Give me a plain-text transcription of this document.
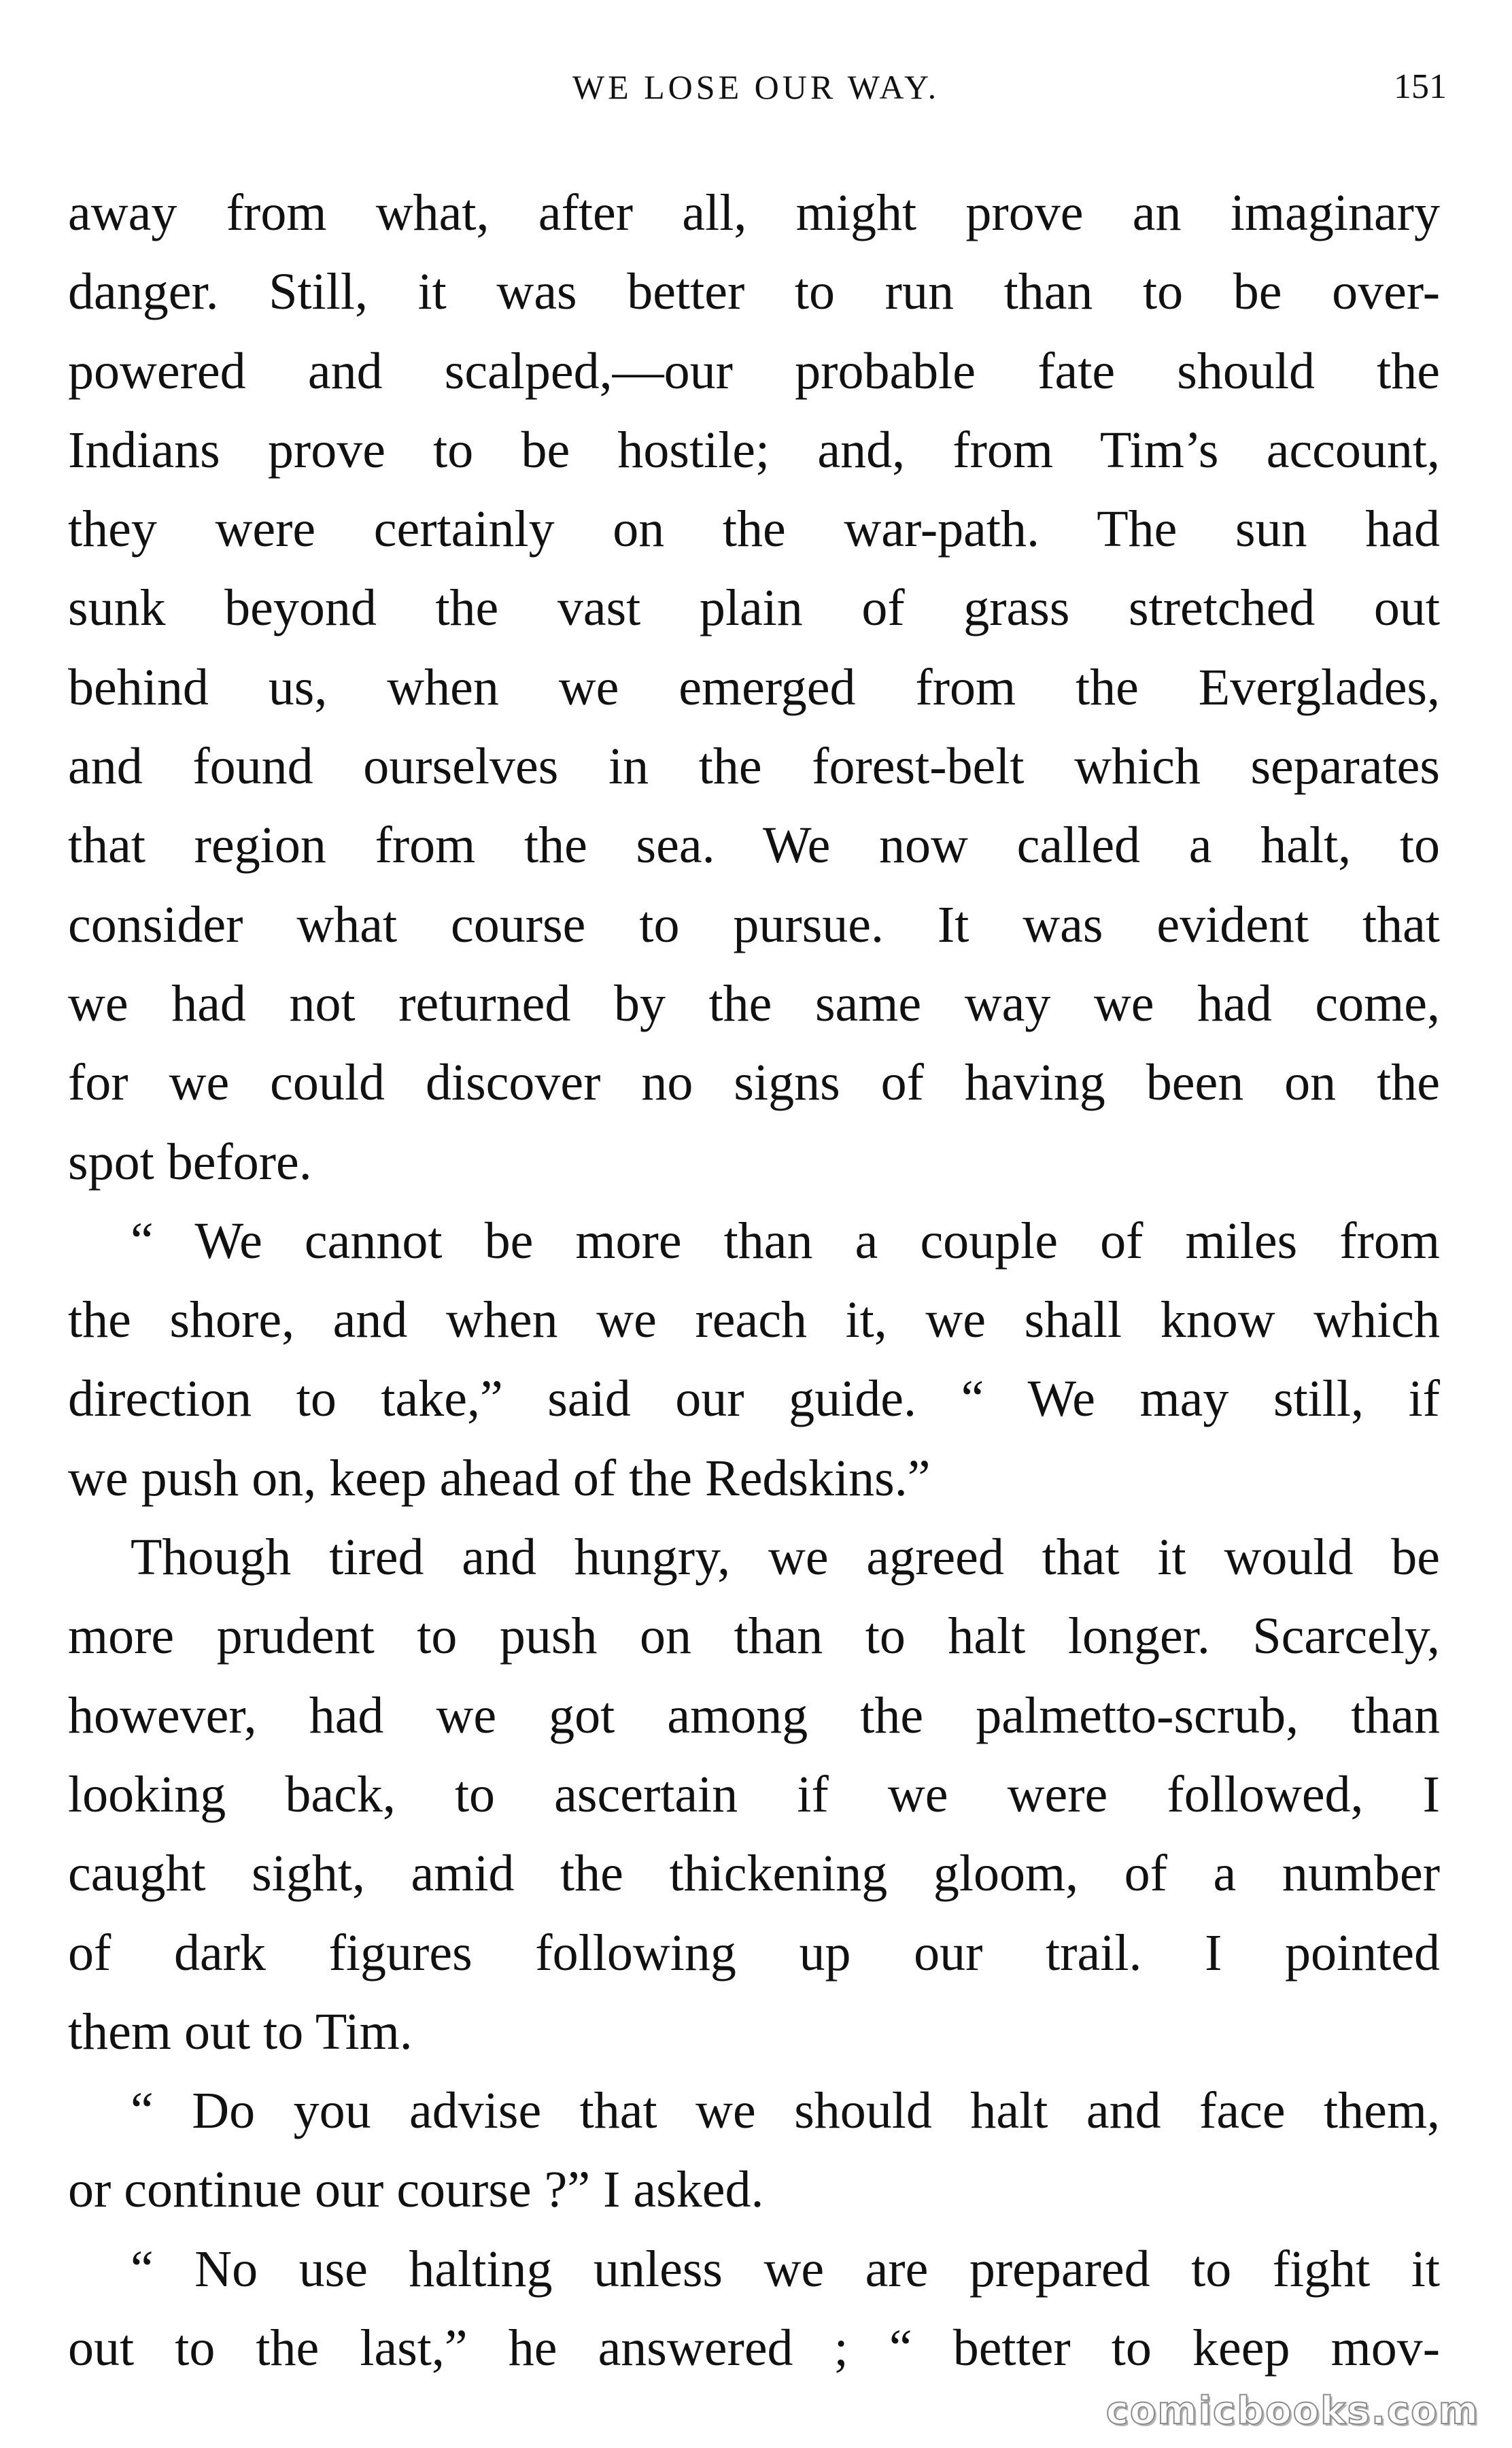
WE LOSE OUR WAY.	151
away from what, after all, might prove an imaginary
danger. Still, it was better to run than to be over-
powered and scalped,—our probable fate should the
Indians prove to be hostile; and, from Tim’s account,
they were certainly on the war-path. The sun had
sunk beyond the vast plain of grass stretched out
behind us, when we emerged from the Everglades,
and found ourselves in the forest-belt which separates
that region from the sea. We now called a halt, to
consider what course to pursue. It was evident that
we had not returned by the same way we had come,
for we could discover no signs of having been on the
spot before.
“ We cannot be more than a couple of miles from
the shore, and when we reach it, we shall know which
direction to take,” said our guide. “ We may still, if
we push on, keep ahead of the Redskins.”
Though tired and hungry, we agreed that it would be
more prudent to push on than to halt longer. Scarcely,
however, had we got among the palmetto-scrub, than
looking back, to ascertain if we were followed, I
caught sight, amid the thickening gloom, of a number
of dark figures following up our trail. I pointed
them out to Tim.
“ Do you advise that we should halt and face them,
or continue our course ?” I asked.
“ No use halting unless we are prepared to fight it
out to the last,” he answered ; “ better to keep mov-
comicbooks.com
